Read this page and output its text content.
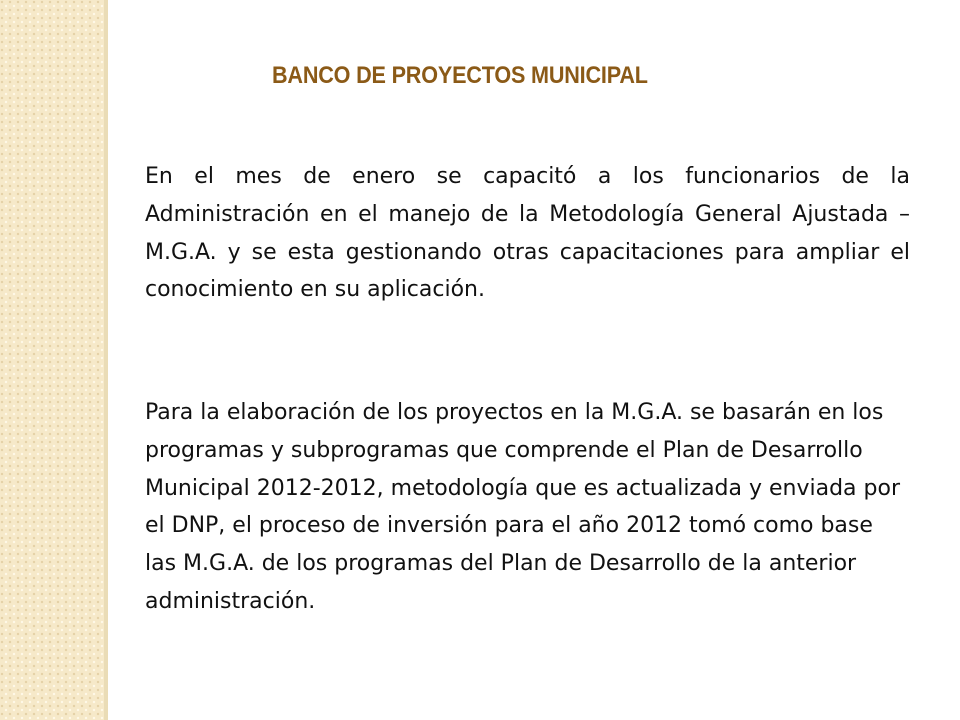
BANCO DE PROYECTOS MUNICIPAL

En el mes de enero se capacitó a los funcionarios de la Administración en el manejo de la Metodología General Ajustada – M.G.A. y se esta gestionando otras capacitaciones para ampliar el conocimiento en su aplicación.

Para la elaboración de los proyectos en la M.G.A. se basarán en los programas y subprogramas que comprende el Plan de Desarrollo Municipal 2012-2012, metodología que es actualizada y enviada por el DNP, el proceso de inversión para el año 2012 tomó como base las M.G.A. de los programas del Plan de Desarrollo de la anterior administración.
